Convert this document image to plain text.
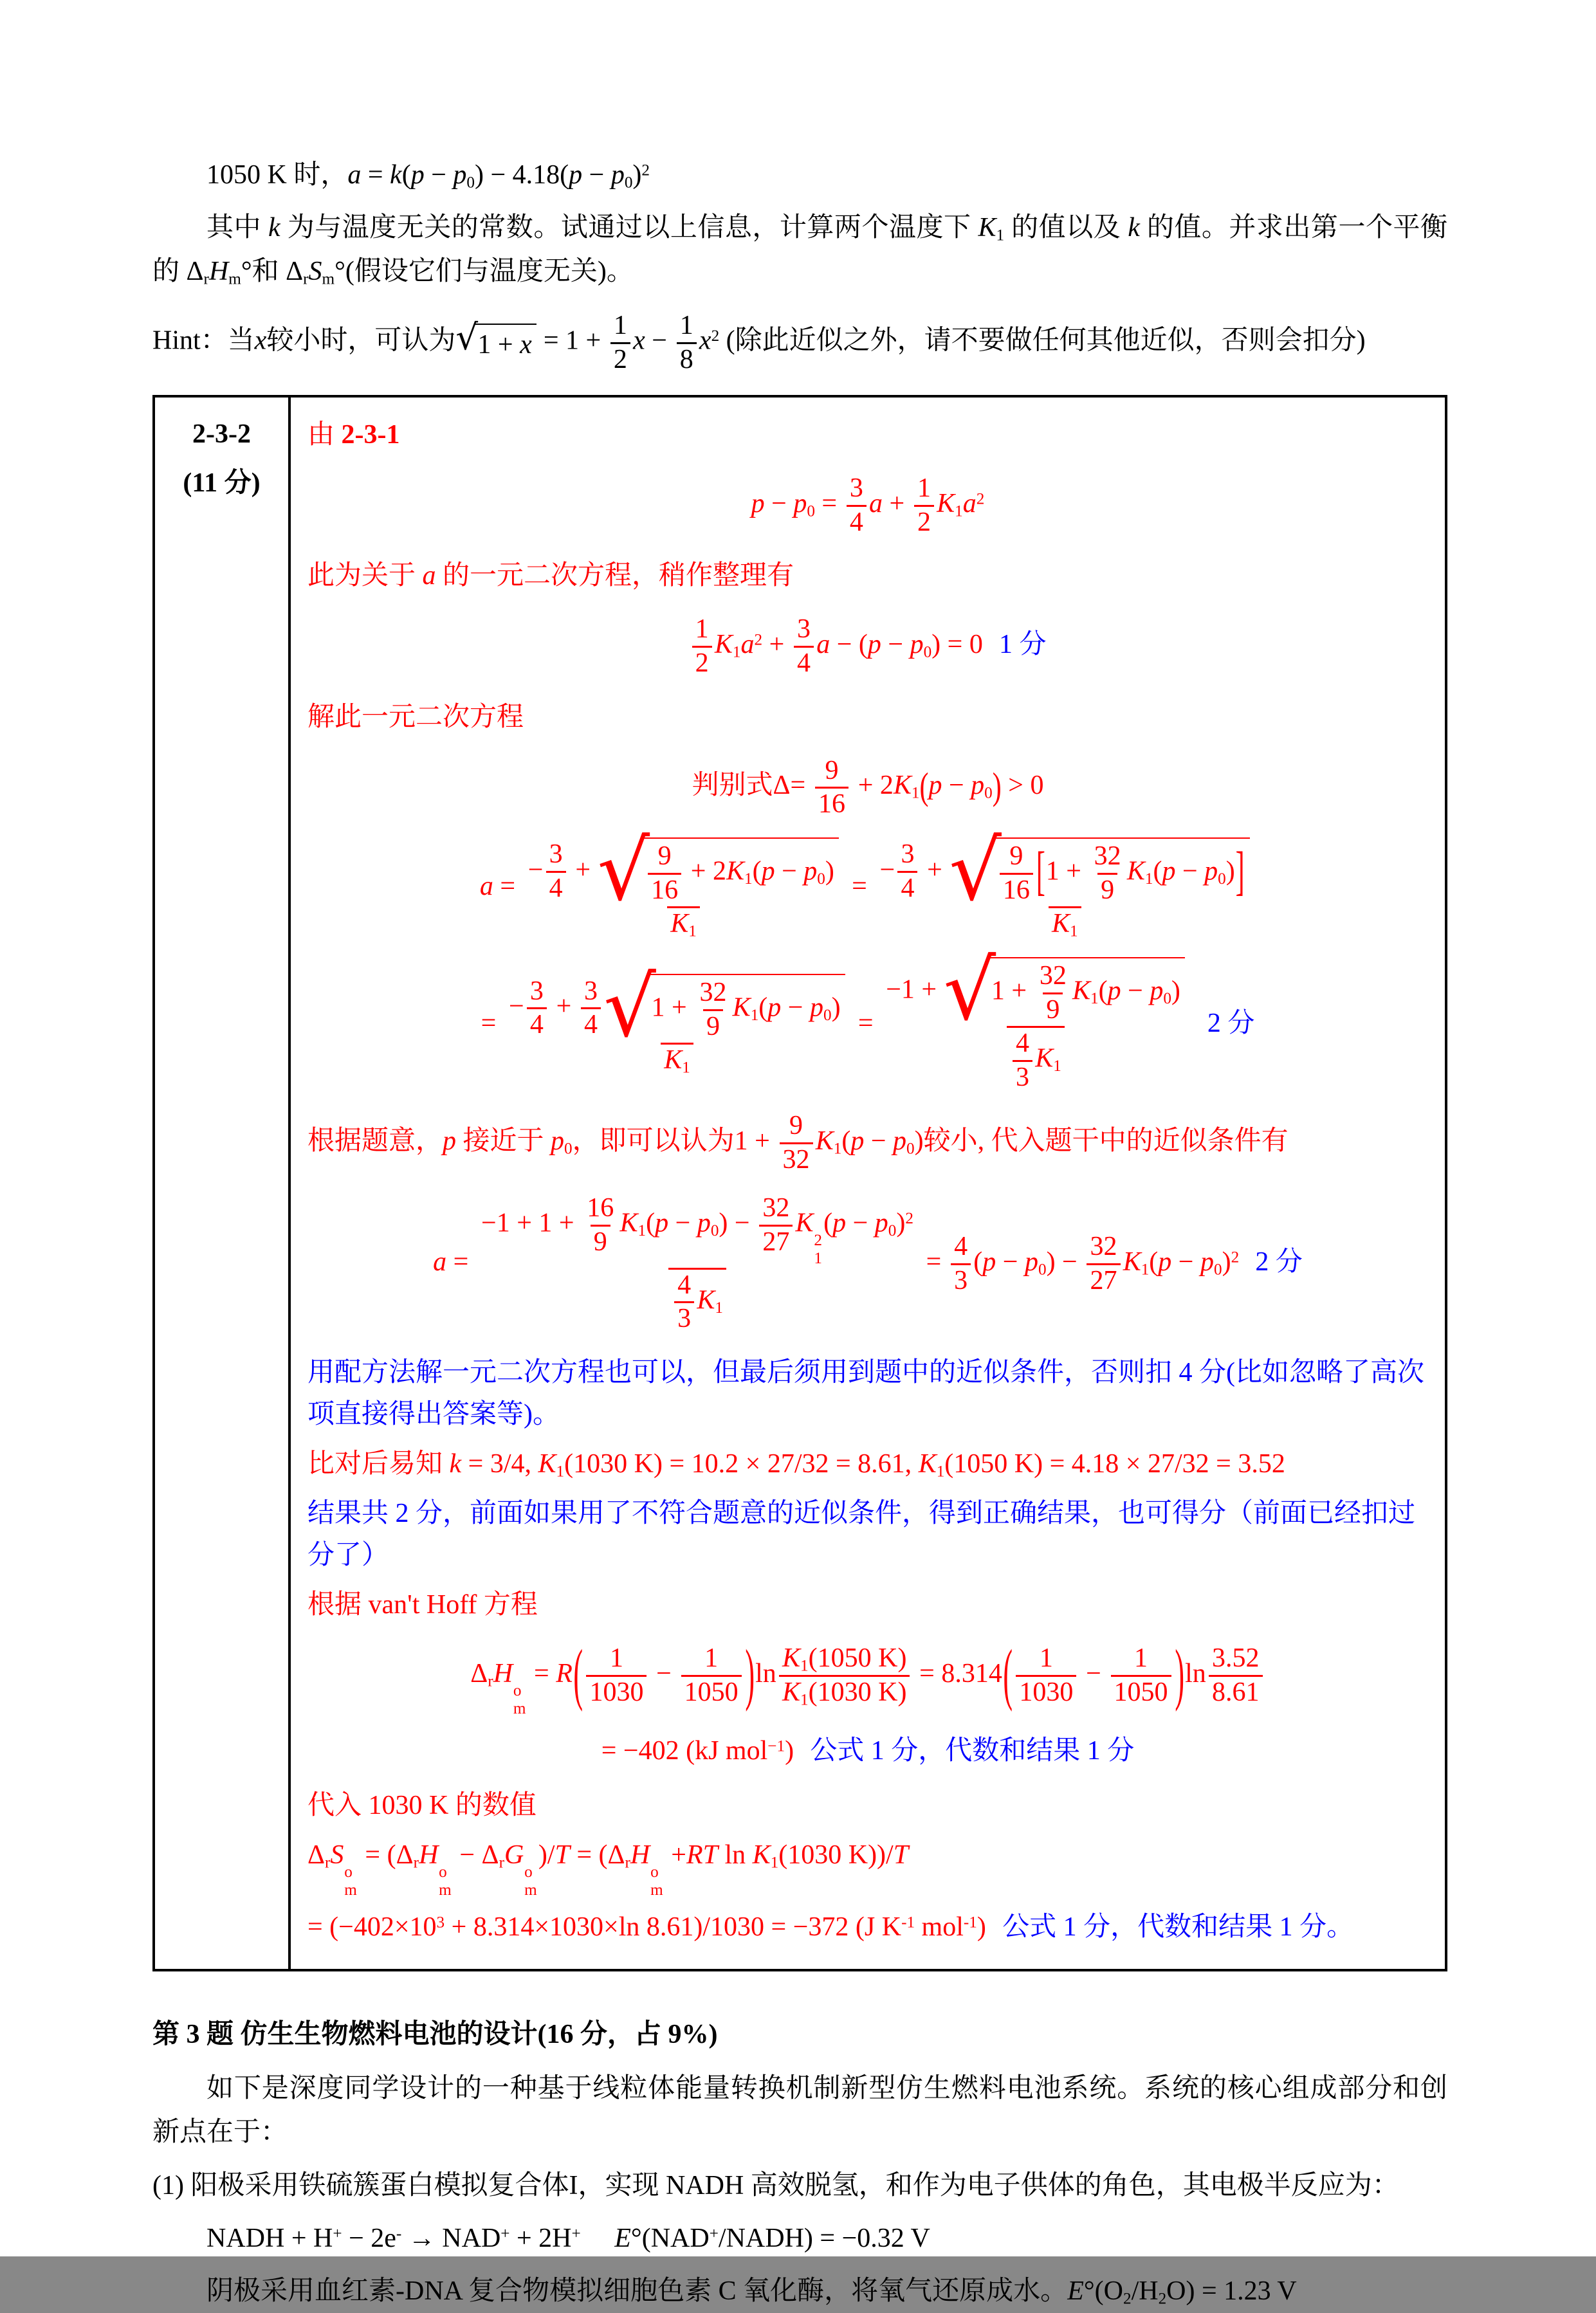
1050 K 时，$a = k(p - p_0) - 4.18(p - p_0)^2$
其中 k 为与温度无关的常数。试通过以上信息，计算两个温度下 $K_1$ 的值以及 k 的值。并求出第一个平衡的 $\Delta_rH_m^\circ$和 $\Delta_rS_m^\circ$(假设它们与温度无关)。
Hint：当x较小时，可认为 √ $1 + x = 1 + \frac{1}{2}$ $x - \frac{1}{8} x^2$ (除此近似之外，请不要做任何其他近似，否则会扣分)
2-3-2
(11 分)

由 2-3-1
$p - p_0 = \frac{3}{4}$ $a + \frac{1}{2} K_1a^2$
此为关于 a 的一元二次方程，稍作整理有
$\frac{1}{2} K_1a^2 + \frac{3}{4}$ $a - (p - p_0) = 0$ 1 分
解此一元二次方程
判别式$\Delta= \frac{9}{16} + 2K_1(p - p_0) > 0$
$a = \frac{- \frac{3}{4} + √ \frac{9}{16} + 2K_1(p - p_0)}{K_1} = \frac{- \frac{3}{4} + √ \frac{9}{16} [1 + \frac{32}{9} K_1(p - p_0)]}{K_1}$
= $\frac{- \frac{3}{4} + \frac{3}{4} √ 1 + \frac{32}{9} K_1(p - p_0)}{K_1} = \frac{-1 + √ 1 + \frac{32}{9} K_1(p - p_0)}{\frac{4}{3} K_1} 2$ 分
根据题意，p 接近于 $p_0$，即可以认为$1 + \frac{9}{32} K_1(p - p_0)$较小, 代入题干中的近似条件有
$a = -1 + 1 + \frac{16}{9} K_1(p - p_0) - \frac{32}{27}$ K
2
1
$(p - p_0)^2$
$\frac{4}{3} K_1 = \frac{4}{3} (p - p_0) - \frac{32}{27} K_1(p - p_0)^2$ 2 分
用配方法解一元二次方程也可以，但最后须用到题中的近似条件，否则扣 4 分(比如忽略了高次项直接得出答案等)。
比对后易知 k = 3/4, $K_1(1030$ K) = 10.2 × 27/32 = 8.61, $K_1(1050$ K) = 4.18 × 27/32 = 3.52
结果共 2 分，前面如果用了不符合题意的近似条件，得到正确结果，也可得分（前面已经扣过分了）
根据 van't Hoff 方程
$\Delta_rH$
o
m
= $R( \frac{1}{1030} - \frac{1}{1050} )\ln \frac{K_1(1050 K)}{K_1(1030 K)} = 8.314( \frac{1}{1030} - \frac{1}{1050} )\ln \frac{3.52}{8.61}$
= −402 (kJ mol$^{-1}$) 公式 1 分，代数和结果 1 分
代入 1030 K 的数值
$\Delta_rS$
o
m
= ($\Delta_rH$
o
m
− $\Delta_rG$
o
m
)$/T = (\Delta_rH$
o
m
+RT $\ln K_1(1030$ K))/T
= ($-402\times 10^3 + 8.314\times 1030\times\ln$ 8.61)/1030 = −372 (J $K^{-1}$ mol$^{-1}$) 公式 1 分，代数和结果 1 分。
第 3 题 仿生生物燃料电池的设计(16 分，占 9%)
如下是深度同学设计的一种基于线粒体能量转换机制新型仿生燃料电池系统。系统的核心组成部分和创新点在于：
(1) 阳极采用铁硫簇蛋白模拟复合体I，实现 NADH 高效脱氢，和作为电子供体的角色，其电极半反应为：
NADH + H+ − 2e- → NAD+ + 2H+　 E°(NAD+/NADH) = −0.32 V
阴极采用血红素-DNA 复合物模拟细胞色素 C 氧化酶，将氧气还原成水。$E^\circ(O_2/H_2O) = 1.23$ V
